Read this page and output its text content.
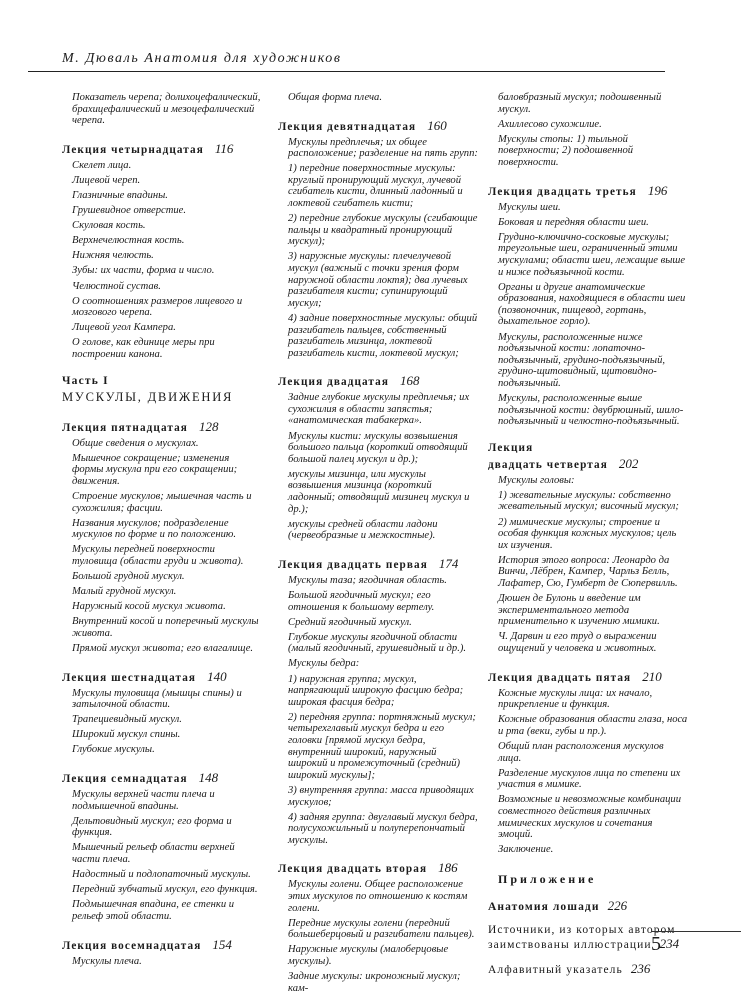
М. Дюваль Анатомия для художников
Показатель черепа; долихоцефалический, брахицефалический и мезоцефалический черепа.
Лекция четырнадцатая 116
Скелет лица.
Лицевой череп.
Глазничные впадины.
Грушевидное отверстие.
Скуловая кость.
Верхнечелюстная кость.
Нижняя челюсть.
Зубы: их части, форма и число.
Челюстной сустав.
О соотношениях размеров лицевого и мозгового черепа.
Лицевой угол Кампера.
О голове, как единице меры при построении канона.
Часть I
МУСКУЛЫ, ДВИЖЕНИЯ
Лекция пятнадцатая 128
Общие сведения о мускулах.
Мышечное сокращение; изменения формы мускула при его сокращении; движения.
Строение мускулов; мышечная часть и сухожилия; фасции.
Названия мускулов; подразделение мускулов по форме и по положению.
Мускулы передней поверхности туловища (области груди и живота).
Большой грудной мускул.
Малый грудной мускул.
Наружный косой мускул живота.
Внутренний косой и поперечный мускулы живота.
Прямой мускул живота; его влагалище.
Лекция шестнадцатая 140
Мускулы туловища (мышцы спины) и затылочной области.
Трапециевидный мускул.
Широкий мускул спины.
Глубокие мускулы.
Лекция семнадцатая 148
Мускулы верхней части плеча и подмышечной впадины.
Дельтовидный мускул; его форма и функция.
Мышечный рельеф области верхней части плеча.
Надостный и подлопаточный мускулы.
Передний зубчатый мускул, его функция.
Подмышечная впадина, ее стенки и рельеф этой области.
Лекция восемнадцатая 154
Мускулы плеча.
Общая форма плеча.
Лекция девятнадцатая 160
Мускулы предплечья; их общее расположение; разделение на пять групп:
1) передние поверхностные мускулы: круглый пронирующий мускул, лучевой сгибатель кисти, длинный ладонный и локтевой сгибатель кисти;
2) передние глубокие мускулы (сгибающие пальцы и квадратный пронирующий мускул);
3) наружные мускулы: плечелучевой мускул (важный с точки зрения форм наружной области локтя); два лучевых разгибателя кисти; супинирующий мускул;
4) задние поверхностные мускулы: общий разгибатель пальцев, собственный разгибатель мизинца, локтевой разгибатель кисти, локтевой мускул;
Лекция двадцатая 168
Задние глубокие мускулы предплечья; их сухожилия в области запястья; «анатомическая табакерка».
Мускулы кисти: мускулы возвышения большого пальца (короткий отводящий большой палец мускул и др.);
мускулы мизинца, или мускулы возвышения мизинца (короткий ладонный; отводящий мизинец мускул и др.);
мускулы средней области ладони (червеобразные и межкостные).
Лекция двадцать первая 174
Мускулы таза; ягодичная область.
Большой ягодичный мускул; его отношения к большому вертелу.
Средний ягодичный мускул.
Глубокие мускулы ягодичной области (малый ягодичный, грушевидный и др.).
Мускулы бедра:
1) наружная группа; мускул, напрягающий широкую фасцию бедра; широкая фасция бедра;
2) передняя группа: портняжный мускул; четырехглавый мускул бедра и его головки [прямой мускул бедра, внутренний широкий, наружный широкий и промежуточный (средний) широкий мускулы];
3) внутренняя группа: масса приводящих мускулов;
4) задняя группа: двуглавый мускул бедра, полусухожильный и полуперепончатый мускулы.
Лекция двадцать вторая 186
Мускулы голени. Общее расположение этих мускулов по отношению к костям голени.
Передние мускулы голени (передний большеберцовый и разгибатели пальцев).
Наружные мускулы (малоберцовые мускулы).
Задние мускулы: икроножный мускул; кам-
баловбразный мускул; подошвенный мускул.
Ахиллесово сухожилие.
Мускулы стопы: 1) тыльной поверхности; 2) подошвенной поверхности.
Лекция двадцать третья 196
Мускулы шеи.
Боковая и передняя области шеи.
Грудино-ключично-сосковые мускулы; треугольные шеи, ограниченный этими мускулами; области шеи, лежащие выше и ниже подъязычной кости.
Органы и другие анатомические образования, находящиеся в области шеи (позвоночник, пищевод, гортань, дыхательное горло).
Мускулы, расположенные ниже подъязычной кости: лопаточно-подъязычный, грудино-подъязычный, грудино-щитовидный, щитовидно-подъязычный.
Мускулы, расположенные выше подъязычной кости: двубрюшный, шило-подъязычный и челюстно-подъязычный.
Лекция
двадцать четвертая 202
Мускулы головы:
1) жевательные мускулы: собственно жевательный мускул; височный мускул;
2) мимические мускулы; строение и особая функция кожных мускулов; цель их изучения.
История этого вопроса: Леонардо да Винчи, Лёбрен, Кампер, Чарльз Белль, Лафатер, Сю, Гумберт де Сюпервилль.
Дюшен де Булонь и введение им экспериментального метода применительно к изучению мимики.
Ч. Дарвин и его труд о выражении ощущений у человека и животных.
Лекция двадцать пятая 210
Кожные мускулы лица: их начало, прикрепление и функция.
Кожные образования области глаза, носа и рта (веки, губы и пр.).
Общий план расположения мускулов лица.
Разделение мускулов лица по степени их участия в мимике.
Возможные и невозможные комбинации совместного действия различных мимических мускулов и сочетания эмоций.
Заключение.
Приложение
Анатомия лошади 226
Источники, из которых автором заимствованы иллюстрации 234
Алфавитный указатель 236
5
